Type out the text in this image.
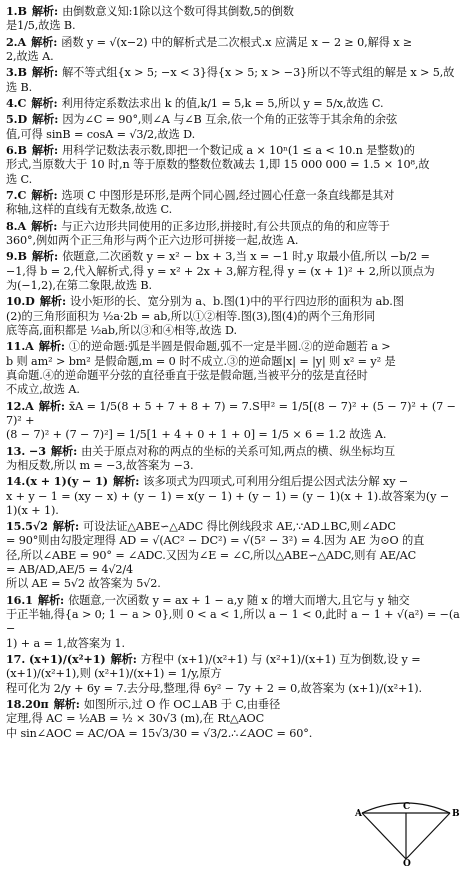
1.B 解析: 由倒数意义知:1除以这个数可得其倒数,5的倒数
是1/5,故选 B.
2.A 解析: 函数 y = √(x−2) 中的解析式是二次根式.x 应满足 x − 2 ≥ 0,解得 x ≥
2,故选 A.
3.B 解析: 解不等式组{x > 5; −x < 3}得{x > 5; x > −3}所以不等式组的解是 x > 5,故选 B.
4.C 解析: 利用待定系数法求出 k 的值,k/1 = 5,k = 5,所以 y = 5/x,故选 C.
5.D 解析: 因为∠C = 90°,则∠A 与∠B 互余,依一个角的正弦等于其余角的余弦
值,可得 sinB = cosA = √3/2,故选 D.
6.B 解析: 用科学记数法表示数,即把一个数记成 a × 10ⁿ(1 ≤ a < 10.n 是整数)的
形式,当原数大于 10 时,n 等于原数的整数位数减去 1,即 15 000 000 = 1.5 × 10⁸,故
选 C.
7.C 解析: 选项 C 中图形是环形,是两个同心圆,经过圆心任意一条直线都是其对
称轴,这样的直线有无数条,故选 C.
8.A 解析: 与正六边形共同使用的正多边形,拼接时,有公共顶点的角的和应等于
360°,例如两个正三角形与两个正六边形可拼接一起,故选 A.
9.B 解析: 依题意,二次函数 y = x² − bx + 3,当 x = −1 时,y 取最小值,所以 −b/2 =
−1,得 b = 2,代入解析式,得 y = x² + 2x + 3,解方程,得 y = (x + 1)² + 2,所以顶点为
为(−1,2),在第二象限,故选 B.
10.D 解析: 设小矩形的长、宽分别为 a、b.图(1)中的平行四边形的面积为 ab.图
(2)的三角形面积为 ½a·2b = ab,所以①②相等.图(3),图(4)的两个三角形同
底等高,面积都是 ½ab,所以③和④相等,故选 D.
11.A 解析: ①的逆命题:弧是半圆是假命题,弧不一定是半圆.②的逆命题若 a >
b 则 am² > bm² 是假命题,m = 0 时不成立.③的逆命题|x| = |y| 则 x² = y² 是
真命题.④的逆命题平分弦的直径垂直于弦是假命题,当被平分的弦是直径时
不成立,故选 A.
12.A 解析: x̄A = 1/5(8 + 5 + 7 + 8 + 7) = 7.S甲² = 1/5[(8 − 7)² + (5 − 7)² + (7 − 7)² +
(8 − 7)² + (7 − 7)²] = 1/5[1 + 4 + 0 + 1 + 0] = 1/5 × 6 = 1.2 故选 A.
13. −3 解析: 由关于原点对称的两点的坐标的关系可知,两点的横、纵坐标均互
为相反数,所以 m = −3,故答案为 −3.
14.(x + 1)(y − 1) 解析: 该多项式为四项式,可利用分组后提公因式法分解 xy −
x + y − 1 = (xy − x) + (y − 1) = x(y − 1) + (y − 1) = (y − 1)(x + 1).故答案为(y −
1)(x + 1).
15.5√2 解析: 可设法证△ABE∽△ADC 得比例线段求 AE,∵AD⊥BC,则∠ADC
= 90°则由勾股定理得 AD = √(AC² − DC²) = √(5² − 3²) = 4.因为 AE 为⊙O 的直
径,所以∠ABE = 90° = ∠ADC.又因为∠E = ∠C,所以△ABE∽△ADC,则有 AE/AC
= AB/AD,AE/5 = 4√2/4
所以 AE = 5√2 故答案为 5√2.
16.1 解析: 依题意,一次函数 y = ax + 1 − a,y 随 x 的增大而增大,且它与 y 轴交
于正半轴,得{a > 0; 1 − a > 0},则 0 < a < 1,所以 a − 1 < 0,此时 a − 1 + √(a²) = −(a −
1) + a = 1,故答案为 1.
17. (x+1)/(x²+1) 解析: 方程中 (x+1)/(x²+1) 与 (x²+1)/(x+1) 互为倒数,设 y = (x+1)/(x²+1),则 (x²+1)/(x+1) = 1/y,原方
程可化为 2/y + 6y = 7.去分母,整理,得 6y² − 7y + 2 = 0,故答案为 (x+1)/(x²+1).
18.20π 解析: 如图所示,过 O 作 OC⊥AB 于 C,由垂径
定理,得 AC = ½AB = ½ × 30√3 (m),在 Rt△AOC
中 sin∠AOC = AC/OA = 15√3/30 = √3/2.∴∠AOC = 60°.
A	B
C
O
